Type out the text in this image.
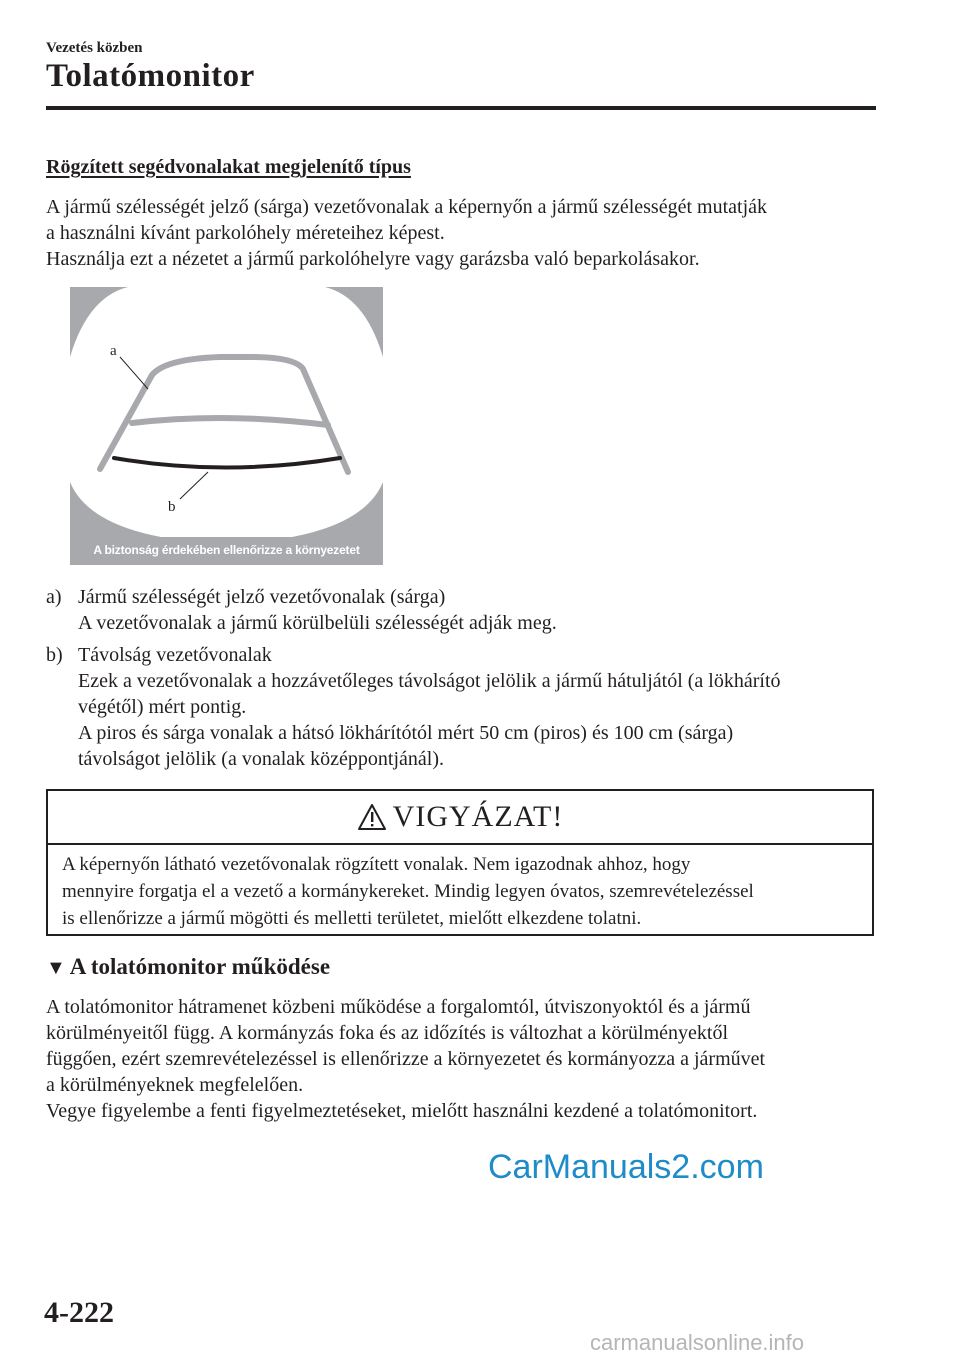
Vezetés közben
Tolatómonitor
Rögzített segédvonalakat megjelenítő típus
A jármű szélességét jelző (sárga) vezetővonalak a képernyőn a jármű szélességét mutatják
a használni kívánt parkolóhely méreteihez képest.
Használja ezt a nézetet a jármű parkolóhelyre vagy garázsba való beparkolásakor.
a
b
A biztonság érdekében ellenőrizze a környezetet
a) Jármű szélességét jelző vezetővonalak (sárga)
A vezetővonalak a jármű körülbelüli szélességét adják meg.
b) Távolság vezetővonalak
Ezek a vezetővonalak a hozzávetőleges távolságot jelölik a jármű hátuljától (a lökhárító
végétől) mért pontig.
A piros és sárga vonalak a hátsó lökhárítótól mért 50 cm (piros) és 100 cm (sárga)
távolságot jelölik (a vonalak középpontjánál).
VIGYÁZAT!
A képernyőn látható vezetővonalak rögzített vonalak. Nem igazodnak ahhoz, hogy
mennyire forgatja el a vezető a kormánykereket. Mindig legyen óvatos, szemrevételezéssel
is ellenőrizze a jármű mögötti és melletti területet, mielőtt elkezdene tolatni.
▼ A tolatómonitor működése
A tolatómonitor hátramenet közbeni működése a forgalomtól, útviszonyoktól és a jármű
körülményeitől függ. A kormányzás foka és az időzítés is változhat a körülményektől
függően, ezért szemrevételezéssel is ellenőrizze a környezetet és kormányozza a járművet
a körülményeknek megfelelően.
Vegye figyelembe a fenti figyelmeztetéseket, mielőtt használni kezdené a tolatómonitort.
CarManuals2.com
4-222
carmanualsonline.info
